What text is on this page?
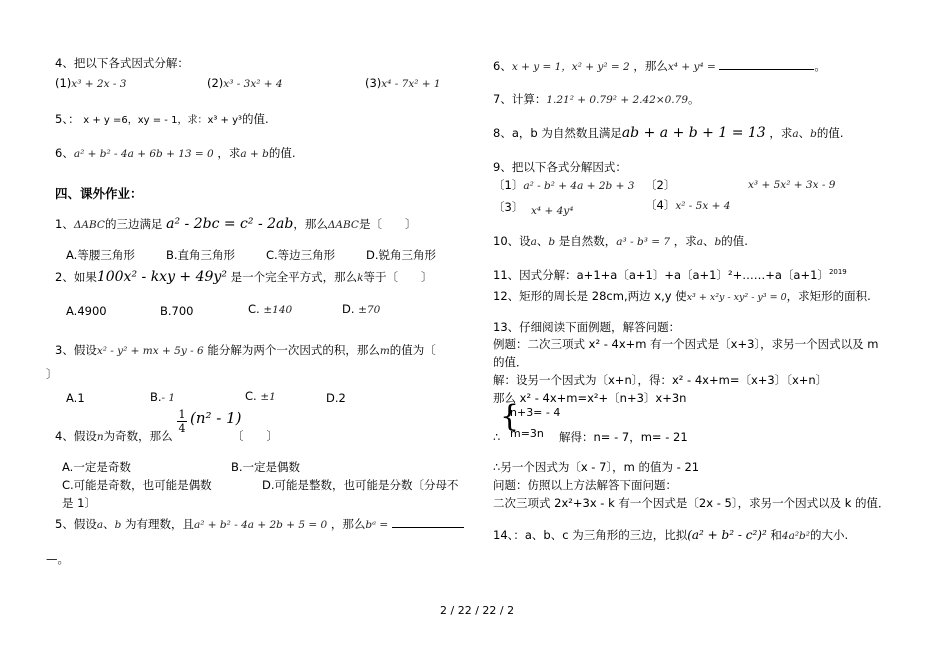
4、把以下各式因式分解：
(1)x³ + 2x - 3	(2)x³ - 3x² + 4	(3)x⁴ - 7x² + 1
5、： x + y =6，xy = - 1，求：x³ + y³的值.
6、a² + b² - 4a + 6b + 13 = 0 ，求a + b的值.
四、课外作业：
1、ΔABC的三边满足 a² - 2bc = c² - 2ab，那么ΔABC是〔　　〕
A.等腰三角形	B.直角三角形	C.等边三角形	D.锐角三角形
2、如果100x² - kxy + 49y² 是一个完全平方式，那么k等于〔　　〕
A.4900	B.700	C. ±140	D. ±70
3、假设x² - y² + mx + 5y - 6 能分解为两个一次因式的积，那么m的值为〔
〕
A.1	B.- 1	C. ±1	D.2
4、假设n为奇数，那么
1
4
(n² - 1)
〔　　〕
A.一定是奇数	B.一定是偶数
C.可能是奇数，也可能是偶数	D.可能是整数，也可能是分数〔分母不
是 1〕
5、假设a、b 为有理数，且a² + b² - 4a + 2b + 5 = 0 ，那么bᵃ =
—。
6、x + y = 1，x² + y² = 2 ，那么x⁴ + y⁴ =	。
7、计算：1.21² + 0.79² + 2.42×0.79。
8、a，b 为自然数且满足ab + a + b + 1 = 13 ，求a、b的值.
9、把以下各式分解因式：
〔1〕a² - b² + 4a + 2b + 3 〔2〕	x³ + 5x² + 3x - 9
〔3〕 x⁴ + 4y⁴	〔4〕x² - 5x + 4
10、设a、b 是自然数，a³ - b³ = 7 ，求a、b的值.
11、因式分解：a+1+a〔a+1〕+a〔a+1〕²+……+a〔a+1〕$^{2019}$
12、矩形的周长是 28cm,两边 x,y 使x³ + x²y - xy² - y³ = 0，求矩形的面积.
13、仔细阅读下面例题，解答问题：
例题：二次三项式 x² - 4x+m 有一个因式是〔x+3〕，求另一个因式以及 m
的值．
解：设另一个因式为〔x+n〕，得：x² - 4x+m=〔x+3〕〔x+n〕
那么 x² - 4x+m=x²+〔n+3〕x+3n
{
n+3= - 4
m=3n
∴	解得：n= - 7，m= - 21
∴另一个因式为〔x - 7〕，m 的值为 - 21
问题：仿照以上方法解答下面问题：
二次三项式 2x²+3x - k 有一个因式是〔2x - 5〕，求另一个因式以及 k 的值．
14、：a、b、c 为三角形的三边，比拟(a² + b² - c²)² 和4a²b²的大小.
2 / 22 / 22 / 2
